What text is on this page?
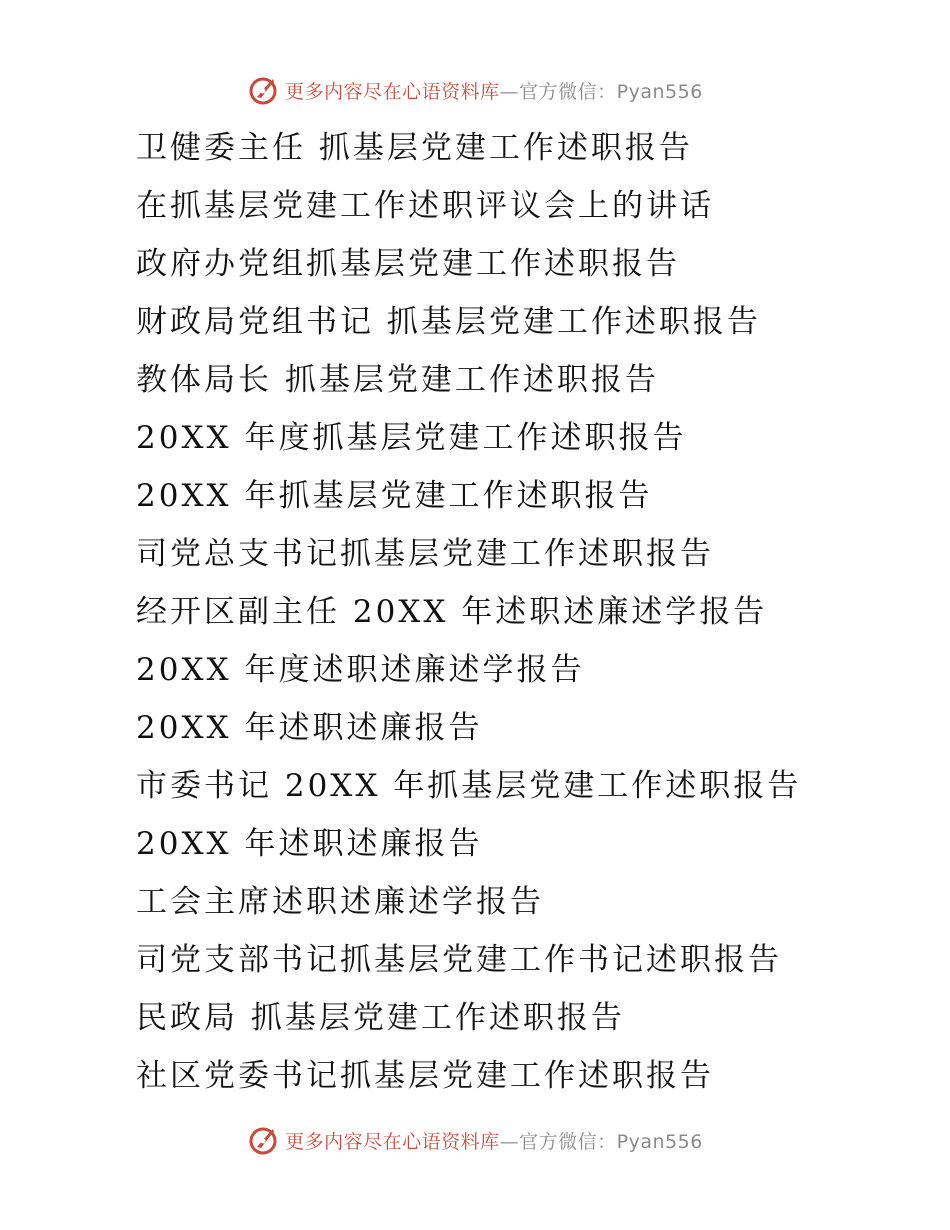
更多内容尽在心语资料库—官方微信：Pyan556
卫健委主任 抓基层党建工作述职报告
在抓基层党建工作述职评议会上的讲话
政府办党组抓基层党建工作述职报告
财政局党组书记 抓基层党建工作述职报告
教体局长 抓基层党建工作述职报告
20XX 年度抓基层党建工作述职报告
20XX 年抓基层党建工作述职报告
司党总支书记抓基层党建工作述职报告
经开区副主任 20XX 年述职述廉述学报告
20XX 年度述职述廉述学报告
20XX 年述职述廉报告
市委书记 20XX 年抓基层党建工作述职报告
20XX 年述职述廉报告
工会主席述职述廉述学报告
司党支部书记抓基层党建工作书记述职报告
民政局 抓基层党建工作述职报告
社区党委书记抓基层党建工作述职报告
更多内容尽在心语资料库—官方微信：Pyan556
